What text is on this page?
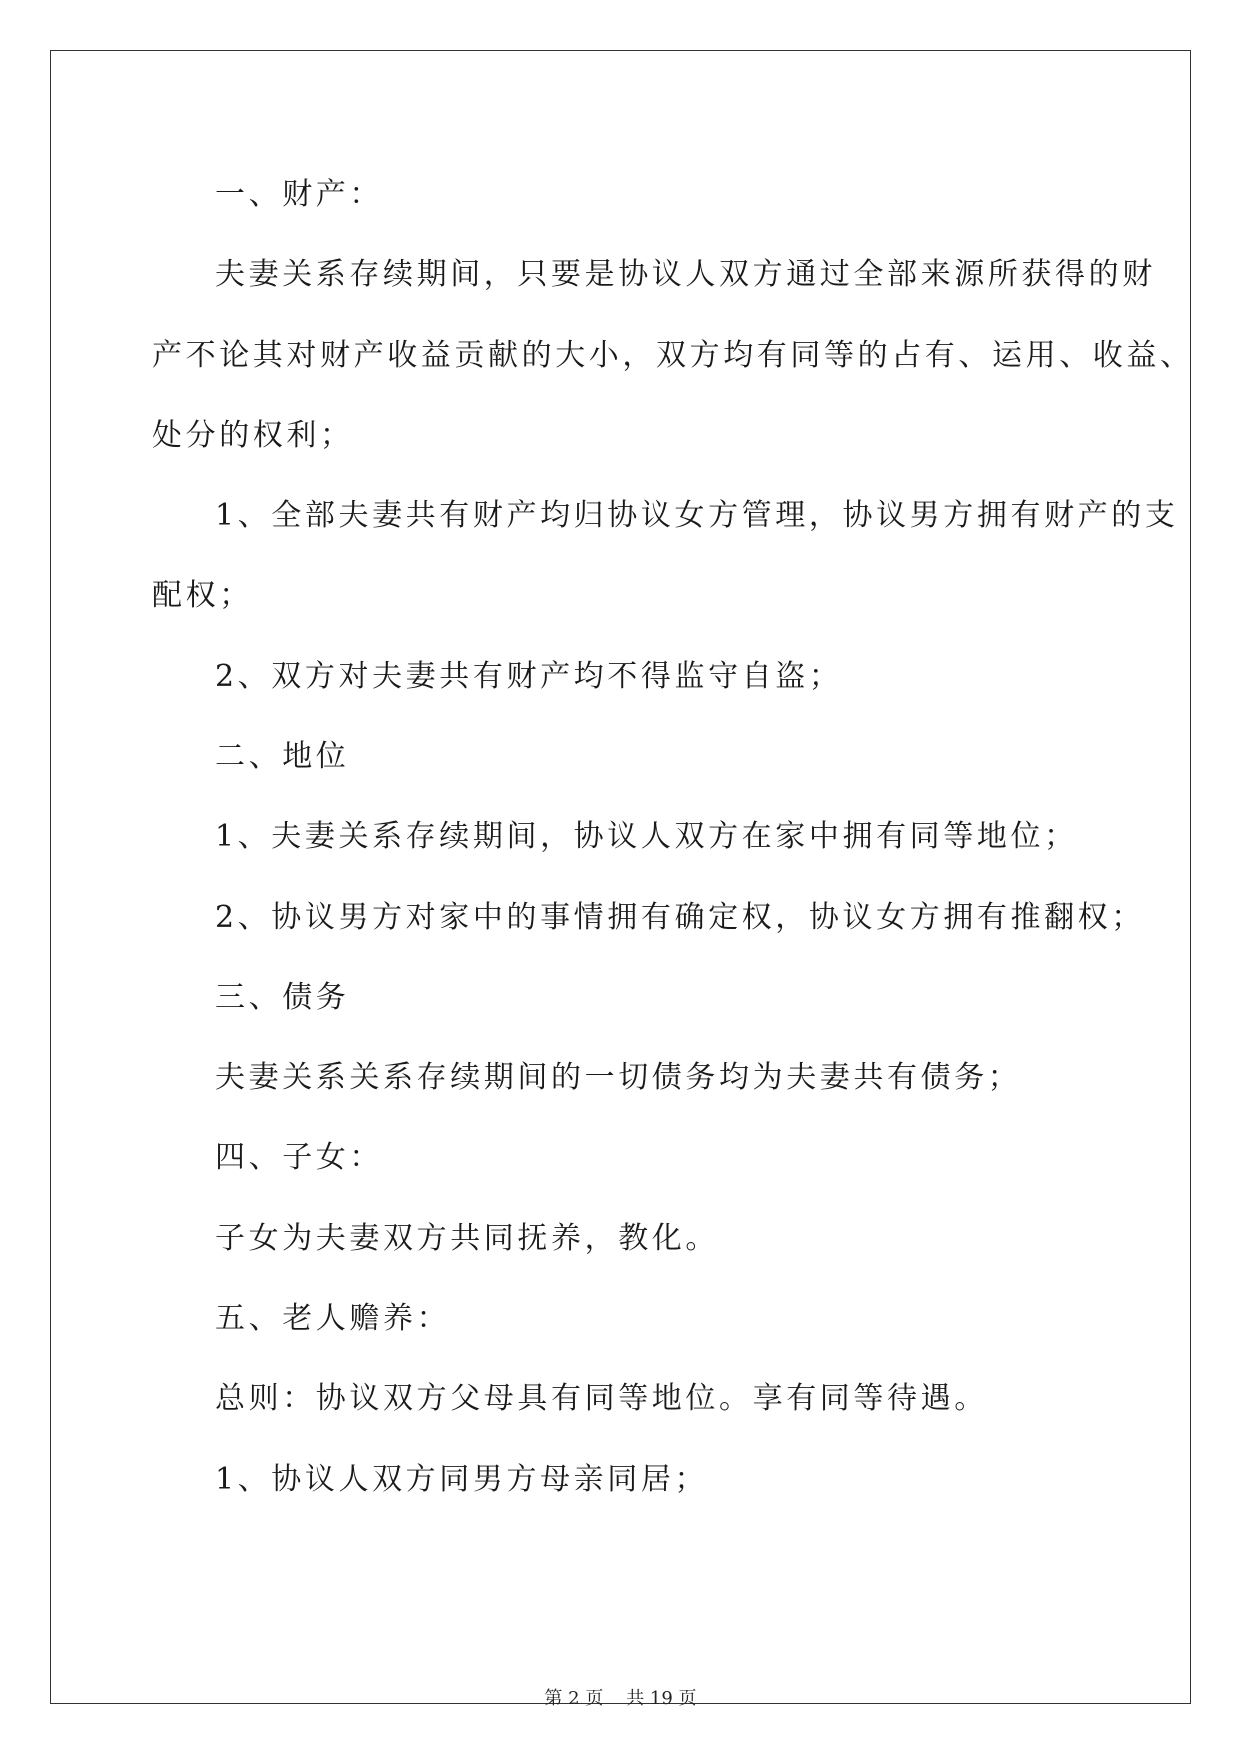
一、财产：
夫妻关系存续期间，只要是协议人双方通过全部来源所获得的财
产不论其对财产收益贡献的大小，双方均有同等的占有、运用、收益、
处分的权利；
1、全部夫妻共有财产均归协议女方管理，协议男方拥有财产的支
配权；
2、双方对夫妻共有财产均不得监守自盗；
二、地位
1、夫妻关系存续期间，协议人双方在家中拥有同等地位；
2、协议男方对家中的事情拥有确定权，协议女方拥有推翻权；
三、债务
夫妻关系关系存续期间的一切债务均为夫妻共有债务；
四、子女：
子女为夫妻双方共同抚养，教化。
五、老人赡养：
总则：协议双方父母具有同等地位。享有同等待遇。
1、协议人双方同男方母亲同居；
第 2 页    共 19 页
